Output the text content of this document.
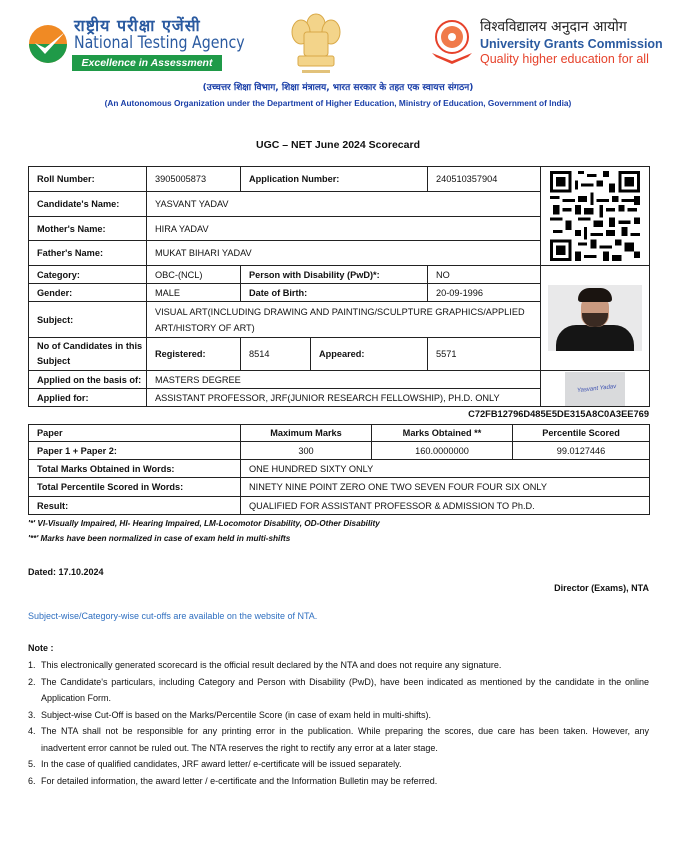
राष्ट्रीय परीक्षा एजेंसी
National Testing Agency
Excellence in Assessment
विश्वविद्यालय अनुदान आयोग
University Grants Commission
Quality higher education for all
(उच्चत्तर शिक्षा विभाग, शिक्षा मंत्रालय, भारत सरकार के तहत एक स्वायत्त संगठन)
(An Autonomous Organization under the Department of Higher Education, Ministry of Education, Government of India)
UGC – NET June 2024 Scorecard
Roll Number:	3905005873	Application Number:		240510357904	

Candidate's Name:	YASVANT YADAV				
Mother's Name:	HIRA YADAV				
Father's Name:	MUKAT BIHARI YADAV				
Category:	OBC-(NCL)	Person with Disability (PwD)*:		NO	

Gender:	MALE	Date of Birth:		20-09-1996	
Subject:	VISUAL ART(INCLUDING DRAWING AND PAINTING/SCULPTURE GRAPHICS/APPLIED ART/HISTORY OF ART)				
No of Candidates in this Subject	Registered:	8514	Appeared:	5571	
Applied on the basis of:	MASTERS DEGREE				Yasvant Yadav

Applied for:	ASSISTANT PROFESSOR, JRF(JUNIOR RESEARCH FELLOWSHIP), PH.D. ONLY				
C72FB12796D485E5DE315A8C0A3EE769
Paper	Maximum Marks	Marks Obtained **	Percentile Scored
Paper 1 + Paper 2:	300	160.0000000	99.0127446
Total Marks Obtained in Words:	ONE HUNDRED SIXTY ONLY		
Total Percentile Scored in Words:	NINETY NINE POINT ZERO ONE TWO SEVEN FOUR FOUR SIX ONLY		
Result:	QUALIFIED FOR ASSISTANT PROFESSOR & ADMISSION TO Ph.D.		
'*' VI-Visually Impaired, HI- Hearing Impaired, LM-Locomotor Disability, OD-Other Disability
'**' Marks have been normalized in case of exam held in multi-shifts
Dated: 17.10.2024
Director (Exams), NTA
Subject-wise/Category-wise cut-offs are available on the website of NTA.
Note :
1. This electronically generated scorecard is the official result declared by the NTA and does not require any signature.
2. The Candidate's particulars, including Category and Person with Disability (PwD), have been indicated as mentioned by the candidate in the online Application Form.
3. Subject-wise Cut-Off is based on the Marks/Percentile Score (in case of exam held in multi-shifts).
4. The NTA shall not be responsible for any printing error in the publication. While preparing the scores, due care has been taken. However, any inadvertent error cannot be ruled out. The NTA reserves the right to rectify any error at a later stage.
5. In the case of qualified candidates, JRF award letter/ e-certificate will be issued separately.
6. For detailed information, the award letter / e-certificate and the Information Bulletin may be referred.
